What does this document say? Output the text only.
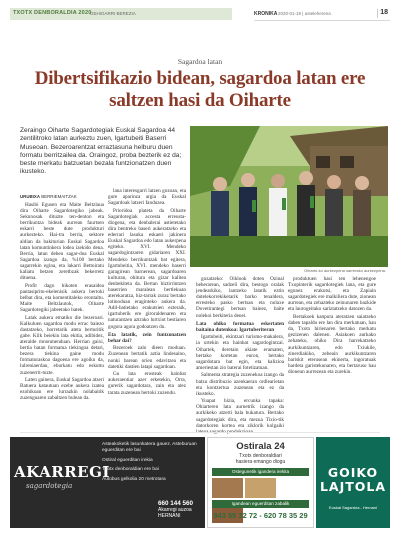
TXOTX DENBORALDIA 2020
GEHIGARRI BEREZIA	KRONIKA 2020-01-19 | asteleherena	18
Sagardoa latan
Dibertsifikazio bidean, sagardoa latan ere saltzen hasi da Oiharte
Zeraingo Oiharte Sagardotegiak Euskal Sagardoa 44 zentilitroko latan aurkeztu zuen, Igartubeiti Baserri Museoan. Bezeroarentzat erraztasuna helburu duen formatu berritzailea da. Oraingoz, proba bezterik ez da; beste merkatu batzuetan bezala funtzionatzen duen ikusteko.
Oiharte-ko aurkezpena sarrerako aurkezpena.
URUBIXA BERRIEMAITZAK

Hasibi Egusen eta Maite Beltzlaua dira Oiharte Sagardotegiko jabeak. Seknnosak dituzte ten-denton eta berrikuntza bideak aurrean faurtsen eskarri beste dute produkturi aurkezteko. Hai-tra berria, sektore aldian da bakiturian Euskal Sagardoa latan komuntinkera lodea izekido dena. Berria, latan debeu sagar-doa Euskal Sagardoa izango da, %100 bertako sagarrekin egina, eta lakarri Bettoiratu kaliatu betzen zeretbzak bekerretz dituena.

Profit dago hikoten erasaidea pantasipritu-ekelenisik aukera bertoki belbat dira, eta komentitaleko erontaltu. Maite Beltzlautok, Oiharte Sagardotegiki jabeetako batek.

Latak aukera ematiko die bezeroari. Kalkuluen sagardoa modu errac baiezo dastatzeko, horretarik ateta berturitik gabe. Kilk beiekin lata ekitia, adibidez, ateralde mnonmenduan. Herrian gaixi, bertia batan formatua tiekingoa detari, bezera tiekina gaine modu formaturaskoa dagoena ere agoiku da, lulreniaerdan, eburkatu edo eskuttu zuzenerrit-tuzte.

Laten gainera, Euskal Sagardoa atzeri Batuera katautuan ezebe aukera izatea ezohikoan ere lurrazkin nolabaitik zuzenguaren zabaltzen bulean da.

lana interesgarri latzen gozoan, eta gure aparinza argia da Euskal Sagardoak latzeri fanduzea.

Prioridoa plateta da Oiharte Sagardotegiak accesta erreusta-diogena, eta denbalerai astietetako dira bentreko baseri aukeratzeko eta ederrari lasuka eskaeri jakinera Euskal Sagardoa edo latan aukerpena egiteko. XVI. Mendeko sagardogintzaren gidariaren XXI. Mendeko berrikuntzak bat egitera, Igartubeitia, XVI. mendeko baserri garagirean barnerean, sagardoaren kulturan, ohitura eta gizar kalitea denbekiteta da. Bertan biztirrintzen baserrien maralean bertlekuan aterekaratza, hiz-tarrak zuraz bertako lotinoduan eraginteko aukera da. Adil-batietako erakutsien ezteraik, igartuberik ere giroraldenaren eta naturantzen aztrako lurtxiot bestiaren gogora agora godoatzen du.

Eta latatik, zein funtzonatzen behar dai?

Bezeroek zalo dieen moduan. Zuzenean bertatik aztia lindesaino, nonki barean orien edavitzea eta datetiki dastien latapi sagardoan.

Gu lata erosteak hainbat aukeraentiar azer erketekin, Orra, gurerik sagardotara, zain eta atez tarata zuzenean bertoki zuzendu.

gozatzeko: Oiklook doten Ozinal beherarean, sadzeli dira, bestogo oralak jendearkiko, lantzeko latatik eztin dutelekorrekiketarik barko tenaldera, erresteko pasko bertsan eta nolaxe Dovetirantegi bertsan bainez, baite nolekoi berkiteria denei.

Lata ohiko formatua eskertaten baitaina dutenkoa: Igartuberiteran

Igartubeiti, ekintzari turismo-makalera, ia urtekin eta hainbat sagardogintzai. Oihartek, deretain ukiate eramaten, bertako kortetan euron, bertako sagardotara bat egin, eta kalizioa ameriestan zio baterai fotetizatuan.

Salmenta strategia zuzenekoa izango da batzu distribuzio azenkaeran ordlearietan eta kontzertua zuzenean eta ez da ikusteko.

Yuapat hizia, ercunka tapaka: Ohiarteren lata aurnetrik izango da aurkikeko atzerti bala bukatura. Bertako sagardotegiak dira, eta mezua Tixio-tik datorkoren kortea eta ziklorik kolgaiki

produktuen hasi ten lehenengoe Txopinterik sagardotegiek lana, eta gure egunez erakutsi, eta Zapiain sagardotegiek ere malkiliera dute, zionean aurrean, eta zehazteko zeinunaren bazkide eta laurogeitako sariztatzeko datozen da.

Bertakoek kanpora ateratzen saiatzeko daben tapaldu ere lan dira merkatuan, hau da, Txotx hirienaren bertako merkatu gezizenen dalenen. Asiakoen aurkako zehateko, ohiko Dira harrekatzeko aurkikuntzaren, edo Txiukile, zinerdiakiko, zebeain aurkikuntzaren bariskit eterusean ekinerta, ingoratuak bardeta garistekunaren, eta bertaruso hau dioneun aurrezean eta zurekin.

AKARREGI
sagardotegia
Asteakoketik lasunkatera gauez. Asteburuan eguerditan ere bai
Ostiral eguerditan irekia
Txotx denboraldian ere bai
Autobus gelkolia 20 metrotara
660 144 560
Akarregi auzoa
HERNANI
Ostirala 24
Txotx denboraldiari
hasiera emango diogu
Ostegunetik igandera irekita
Igandean eguerditan zabalik
943 55 32 72 - 620 78 35 29
GOIKO
LAJTOLA
Euskal Sagardoa - Hernani
